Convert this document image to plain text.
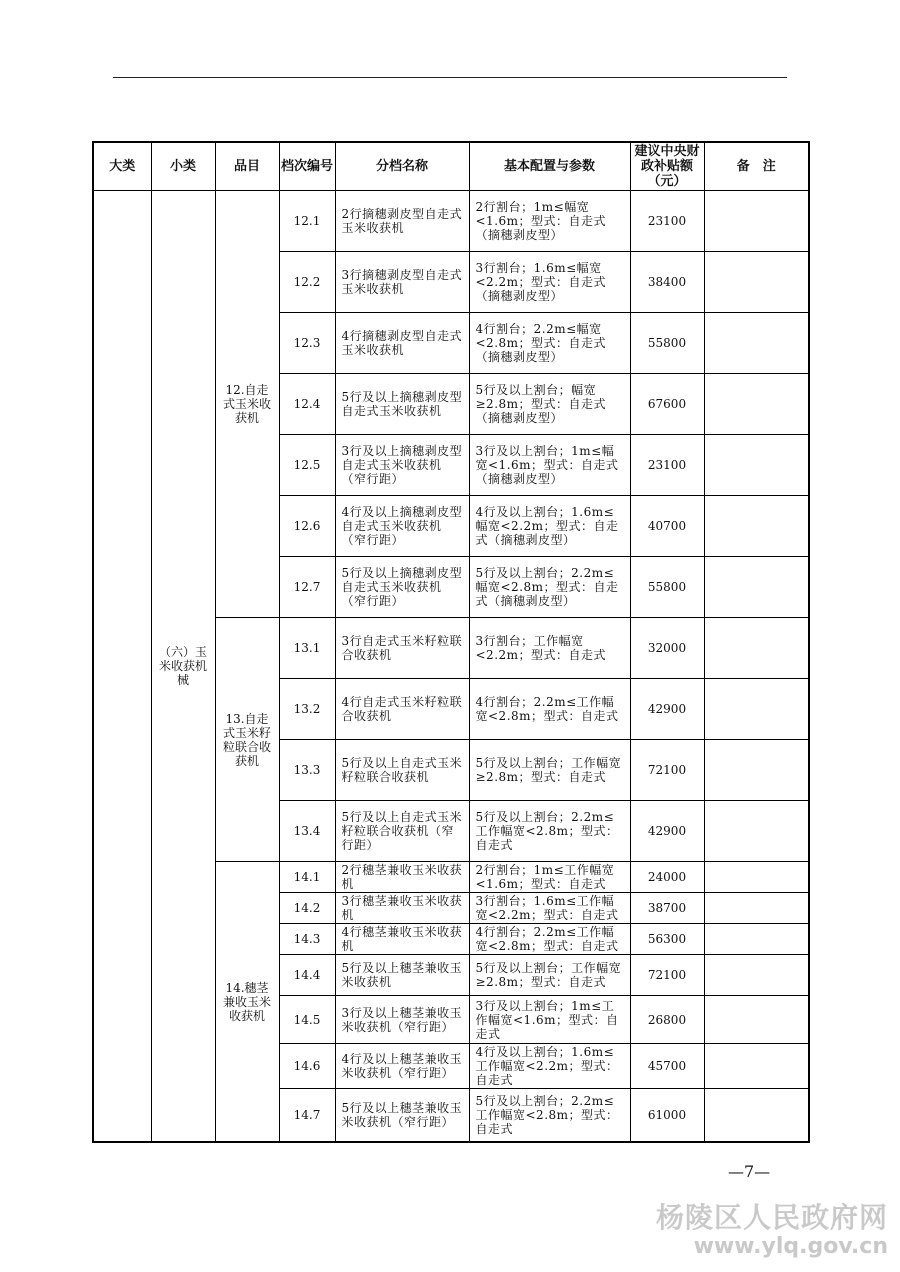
大类	小类	品目	档次编号	分档名称	基本配置与参数	建议中央财政补贴额（元）	备　注
	（六）玉米收获机械	12.自走式玉米收获机	12.1	2行摘穗剥皮型自走式玉米收获机	2行割台；1m≤幅宽<1.6m；型式：自走式（摘穗剥皮型）	23100	
			12.2	3行摘穗剥皮型自走式玉米收获机	3行割台；1.6m≤幅宽<2.2m；型式：自走式（摘穗剥皮型）	38400	
			12.3	4行摘穗剥皮型自走式玉米收获机	4行割台；2.2m≤幅宽<2.8m；型式：自走式（摘穗剥皮型）	55800	
			12.4	5行及以上摘穗剥皮型自走式玉米收获机	5行及以上割台；幅宽≥2.8m；型式：自走式（摘穗剥皮型）	67600	
			12.5	3行及以上摘穗剥皮型自走式玉米收获机（窄行距）	3行及以上割台；1m≤幅宽<1.6m；型式：自走式（摘穗剥皮型）	23100	
			12.6	4行及以上摘穗剥皮型自走式玉米收获机（窄行距）	4行及以上割台；1.6m≤幅宽<2.2m；型式：自走式（摘穗剥皮型）	40700	
			12.7	5行及以上摘穗剥皮型自走式玉米收获机（窄行距）	5行及以上割台；2.2m≤幅宽<2.8m；型式：自走式（摘穗剥皮型）	55800	
		13.自走式玉米籽粒联合收获机	13.1	3行自走式玉米籽粒联合收获机	3行割台；工作幅宽<2.2m；型式：自走式	32000	
			13.2	4行自走式玉米籽粒联合收获机	4行割台；2.2m≤工作幅宽<2.8m；型式：自走式	42900	
			13.3	5行及以上自走式玉米籽粒联合收获机	5行及以上割台；工作幅宽≥2.8m；型式：自走式	72100	
			13.4	5行及以上自走式玉米籽粒联合收获机（窄行距）	5行及以上割台；2.2m≤工作幅宽<2.8m；型式：自走式	42900	
		14.穗茎兼收玉米收获机	14.1	2行穗茎兼收玉米收获机	2行割台；1m≤工作幅宽<1.6m；型式：自走式	24000	
			14.2	3行穗茎兼收玉米收获机	3行割台；1.6m≤工作幅宽<2.2m；型式：自走式	38700	
			14.3	4行穗茎兼收玉米收获机	4行割台；2.2m≤工作幅宽<2.8m；型式：自走式	56300	
			14.4	5行及以上穗茎兼收玉米收获机	5行及以上割台；工作幅宽≥2.8m；型式：自走式	72100	
			14.5	3行及以上穗茎兼收玉米收获机（窄行距）	3行及以上割台；1m≤工作幅宽<1.6m；型式：自走式	26800	
			14.6	4行及以上穗茎兼收玉米收获机（窄行距）	4行及以上割台；1.6m≤工作幅宽<2.2m；型式：自走式	45700	
			14.7	5行及以上穗茎兼收玉米收获机（窄行距）	5行及以上割台；2.2m≤工作幅宽<2.8m；型式：自走式	61000	
—7—
杨陵区人民政府网
www.ylq.gov.cn
